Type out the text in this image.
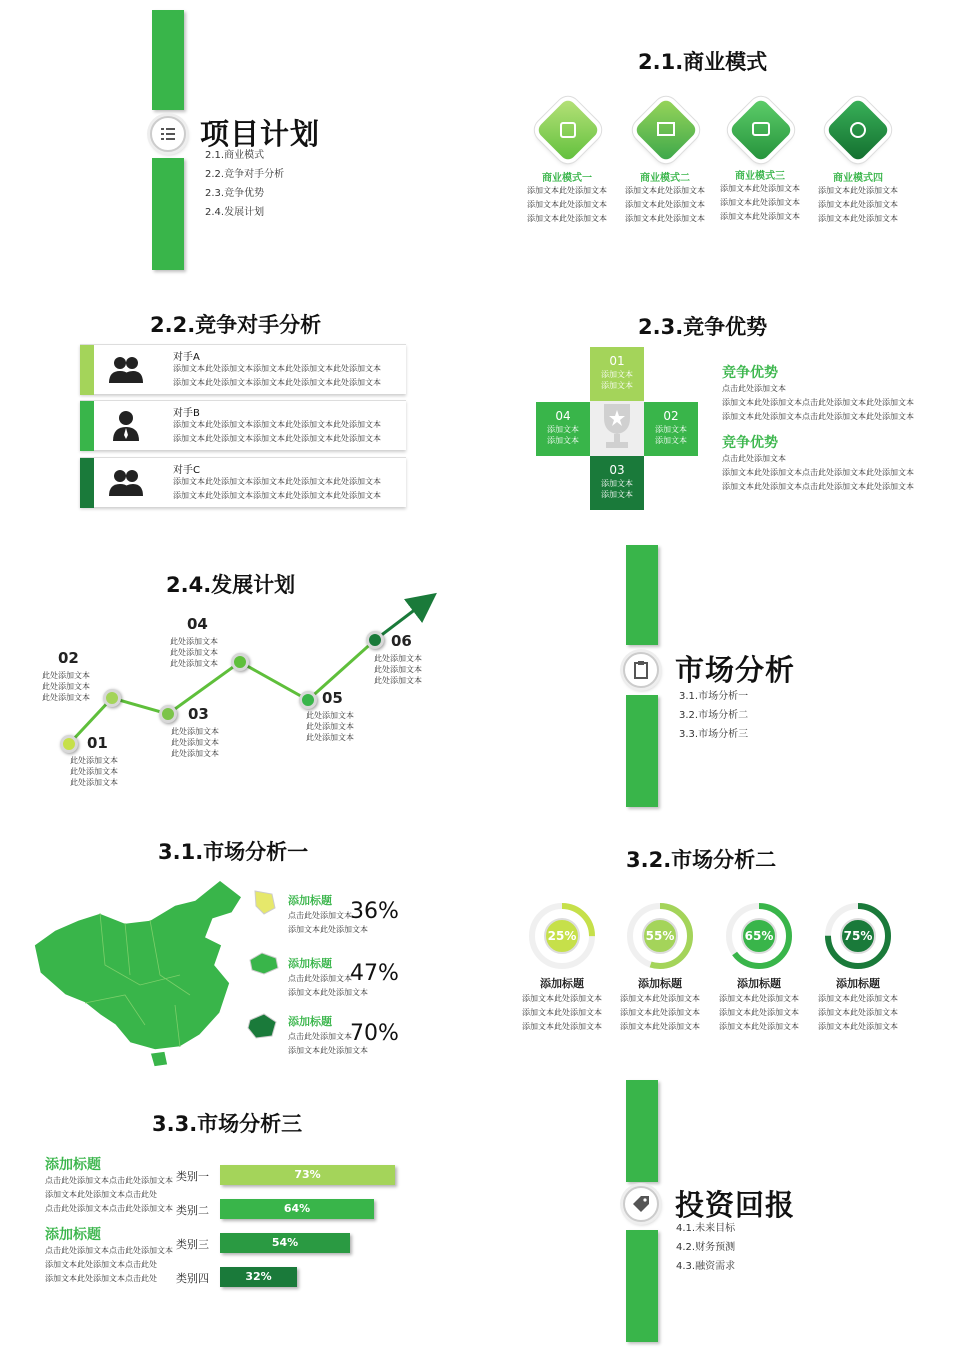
项目计划
2.1.商业模式
2.2.竞争对手分析
2.3.竞争优势
2.4.发展计划
2.1.商业模式
商业模式一
添加文本此处添加文本
添加文本此处添加文本
添加文本此处添加文本
商业模式二
添加文本此处添加文本
添加文本此处添加文本
添加文本此处添加文本
商业模式三
添加文本此处添加文本
添加文本此处添加文本
添加文本此处添加文本
商业模式四
添加文本此处添加文本
添加文本此处添加文本
添加文本此处添加文本
2.2.竞争对手分析
对手A
添加文本此处添加文本添加文本此处添加文本此处添加文本
添加文本此处添加文本添加文本此处添加文本此处添加文本
对手B
添加文本此处添加文本添加文本此处添加文本此处添加文本
添加文本此处添加文本添加文本此处添加文本此处添加文本
对手C
添加文本此处添加文本添加文本此处添加文本此处添加文本
添加文本此处添加文本添加文本此处添加文本此处添加文本
2.3.竞争优势
01
添加文本
添加文本
02
添加文本
添加文本
03
添加文本
添加文本
04
添加文本
添加文本
竞争优势
点击此处添加文本
添加文本此处添加文本点击此处添加文本此处添加文本
添加文本此处添加文本点击此处添加文本此处添加文本
竞争优势
点击此处添加文本
添加文本此处添加文本点击此处添加文本此处添加文本
添加文本此处添加文本点击此处添加文本此处添加文本
2.4.发展计划
01
此处添加文本
此处添加文本
此处添加文本
02
此处添加文本
此处添加文本
此处添加文本
03
此处添加文本
此处添加文本
此处添加文本
04
此处添加文本
此处添加文本
此处添加文本
05
此处添加文本
此处添加文本
此处添加文本
06
此处添加文本
此处添加文本
此处添加文本	市场分析
3.1.市场分析一
3.2.市场分析二
3.3.市场分析三
3.1.市场分析一
添加标题
点击此处添加文本
添加文本此处添加文本
36%
添加标题
点击此处添加文本
添加文本此处添加文本
47%
添加标题
点击此处添加文本
添加文本此处添加文本
70%
3.2.市场分析二
25%
添加标题
添加文本此处添加文本
添加文本此处添加文本
添加文本此处添加文本
55%
添加标题
添加文本此处添加文本
添加文本此处添加文本
添加文本此处添加文本
65%
添加标题
添加文本此处添加文本
添加文本此处添加文本
添加文本此处添加文本
75%
添加标题
添加文本此处添加文本
添加文本此处添加文本
添加文本此处添加文本
3.3.市场分析三
添加标题
点击此处添加文本点击此处添加文本
添加文本此处添加文本点击此处
点击此处添加文本点击此处添加文本
添加标题
点击此处添加文本点击此处添加文本
添加文本此处添加文本点击此处
添加文本此处添加文本点击此处
类别一	73%
类别二	64%
类别三	54%
类别四	32%
投资回报
4.1.未来目标
4.2.财务预测
4.3.融资需求
